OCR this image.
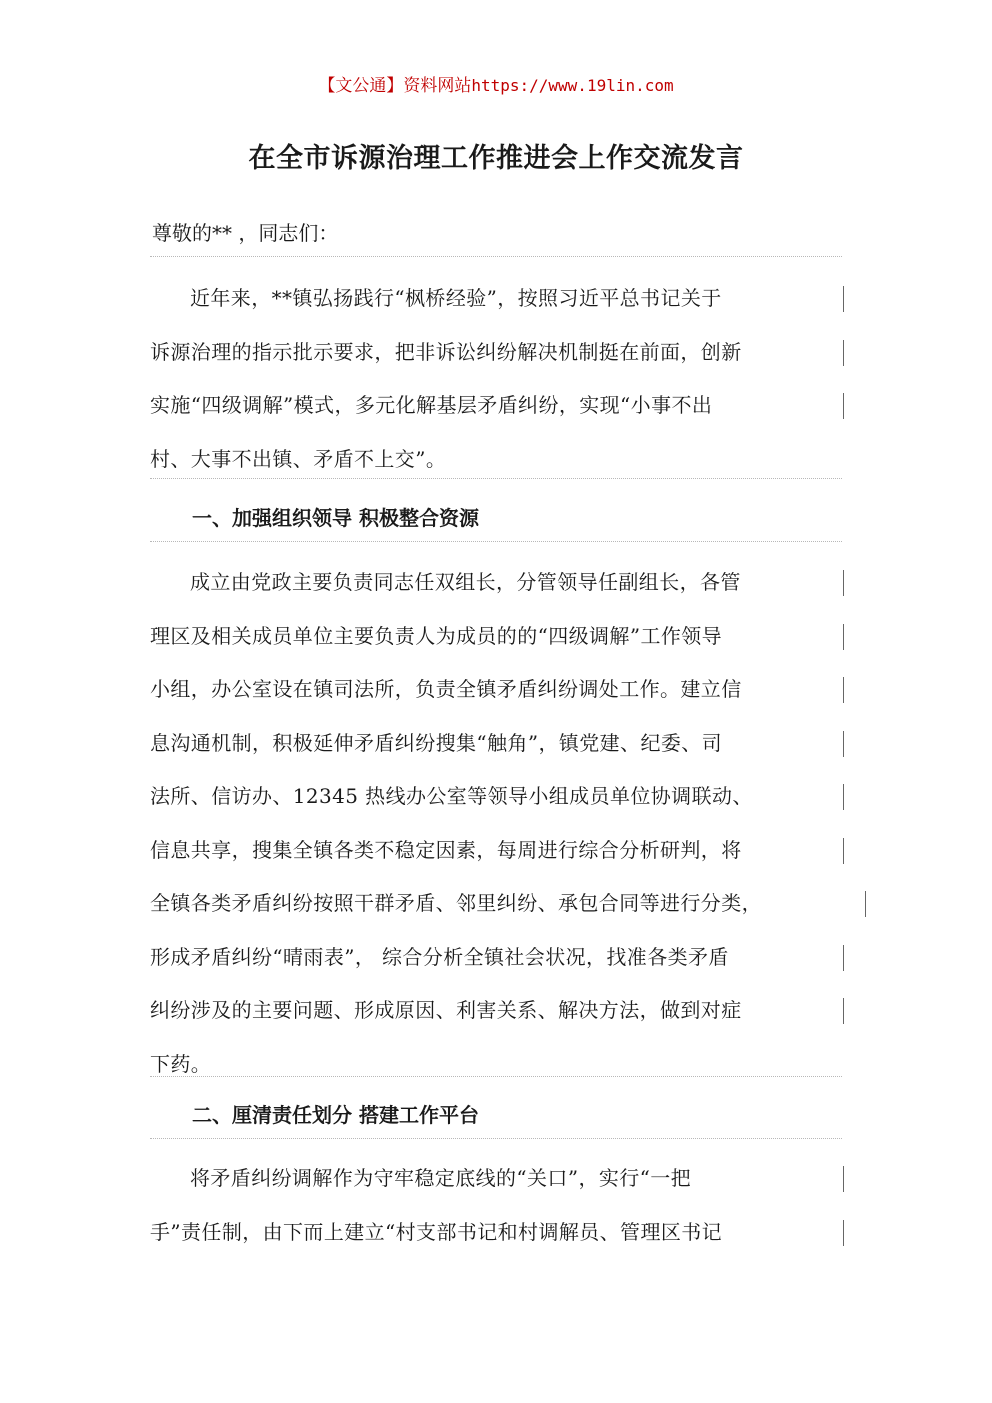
【文公通】资料网站https://www.19lin.com
在全市诉源治理工作推进会上作交流发言
尊敬的** ，同志们：
近年来，**镇弘扬践行“枫桥经验”，按照习近平总书记关于
诉源治理的指示批示要求，把非诉讼纠纷解决机制挺在前面，创新
实施“四级调解”模式，多元化解基层矛盾纠纷，实现“小事不出
村、大事不出镇、矛盾不上交”。
一、加强组织领导 积极整合资源
成立由党政主要负责同志任双组长，分管领导任副组长，各管
理区及相关成员单位主要负责人为成员的的“四级调解”工作领导
小组，办公室设在镇司法所，负责全镇矛盾纠纷调处工作。建立信
息沟通机制，积极延伸矛盾纠纷搜集“触角”，镇党建、纪委、司
法所、信访办、12345 热线办公室等领导小组成员单位协调联动、
信息共享，搜集全镇各类不稳定因素，每周进行综合分析研判，将
全镇各类矛盾纠纷按照干群矛盾、邻里纠纷、承包合同等进行分类，
形成矛盾纠纷“晴雨表”， 综合分析全镇社会状况，找准各类矛盾
纠纷涉及的主要问题、形成原因、利害关系、解决方法，做到对症
下药。
二、厘清责任划分 搭建工作平台
将矛盾纠纷调解作为守牢稳定底线的“关口”，实行“一把
手”责任制，由下而上建立“村支部书记和村调解员、管理区书记
